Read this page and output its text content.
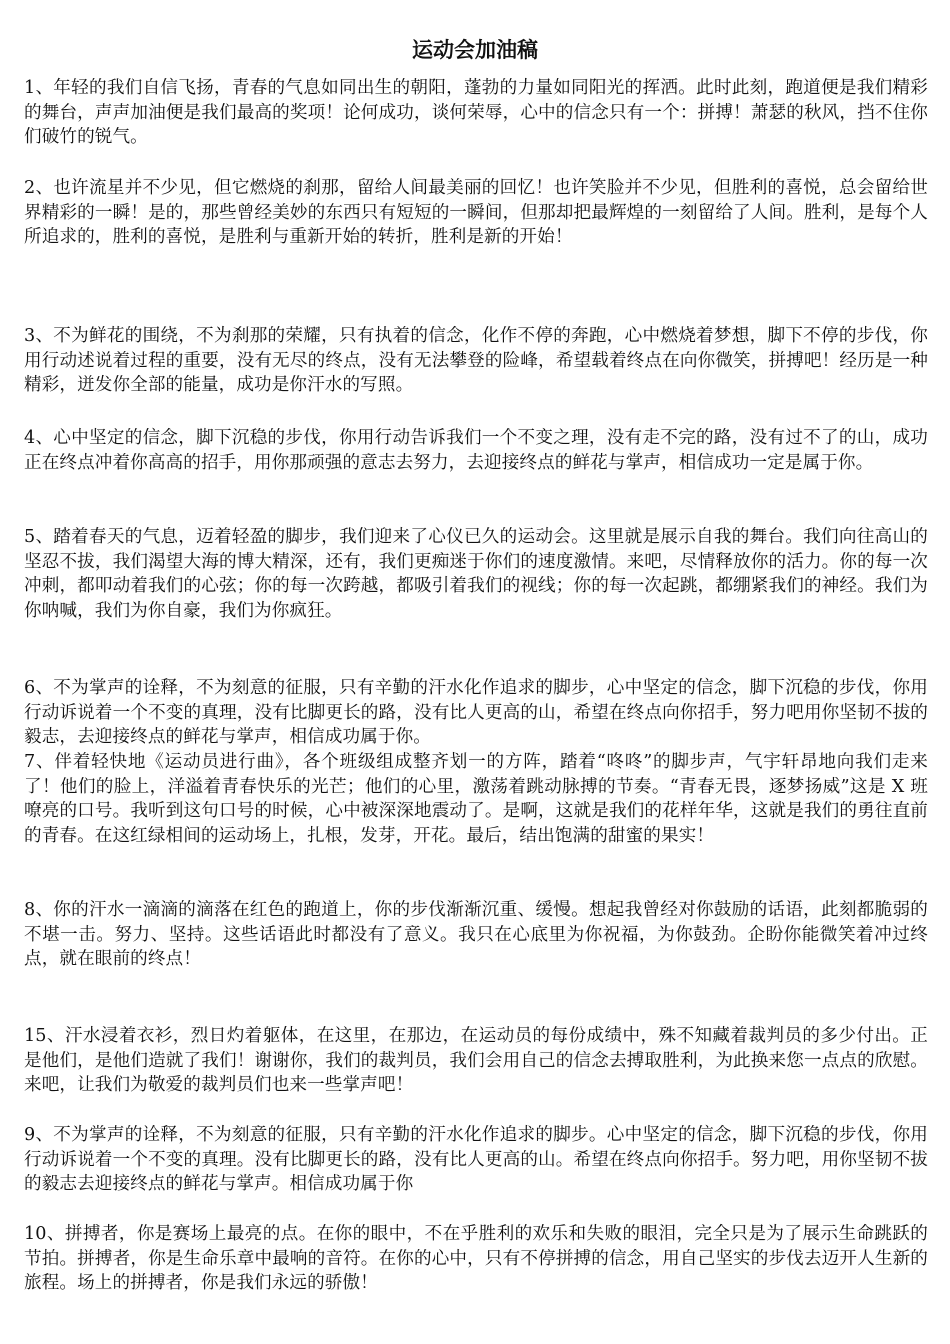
运动会加油稿

1、年轻的我们自信飞扬，青春的气息如同出生的朝阳，蓬勃的力量如同阳光的挥洒。此时此刻，跑道便是我们精彩的舞台，声声加油便是我们最高的奖项！论何成功，谈何荣辱，心中的信念只有一个：拼搏！萧瑟的秋风，挡不住你们破竹的锐气。

2、也许流星并不少见，但它燃烧的刹那，留给人间最美丽的回忆！也许笑脸并不少见，但胜利的喜悦，总会留给世界精彩的一瞬！是的，那些曾经美妙的东西只有短短的一瞬间，但那却把最辉煌的一刻留给了人间。胜利，是每个人所追求的，胜利的喜悦，是胜利与重新开始的转折，胜利是新的开始！

3、不为鲜花的围绕，不为刹那的荣耀，只有执着的信念，化作不停的奔跑，心中燃烧着梦想，脚下不停的步伐，你用行动述说着过程的重要，没有无尽的终点，没有无法攀登的险峰，希望载着终点在向你微笑，拼搏吧！经历是一种精彩，迸发你全部的能量，成功是你汗水的写照。

4、心中坚定的信念，脚下沉稳的步伐，你用行动告诉我们一个不变之理，没有走不完的路，没有过不了的山，成功正在终点冲着你高高的招手，用你那顽强的意志去努力，去迎接终点的鲜花与掌声，相信成功一定是属于你。

5、踏着春天的气息，迈着轻盈的脚步，我们迎来了心仪已久的运动会。这里就是展示自我的舞台。我们向往高山的坚忍不拔，我们渴望大海的博大精深，还有，我们更痴迷于你们的速度激情。来吧，尽情释放你的活力。你的每一次冲刺，都叩动着我们的心弦；你的每一次跨越，都吸引着我们的视线；你的每一次起跳，都绷紧我们的神经。我们为你呐喊，我们为你自豪，我们为你疯狂。

6、不为掌声的诠释，不为刻意的征服，只有辛勤的汗水化作追求的脚步，心中坚定的信念，脚下沉稳的步伐，你用行动诉说着一个不变的真理，没有比脚更长的路，没有比人更高的山，希望在终点向你招手，努力吧用你坚韧不拔的毅志，去迎接终点的鲜花与掌声，相信成功属于你。

7、伴着轻快地《运动员进行曲》，各个班级组成整齐划一的方阵，踏着“咚咚”的脚步声，气宇轩昂地向我们走来了！他们的脸上，洋溢着青春快乐的光芒；他们的心里，激荡着跳动脉搏的节奏。“青春无畏，逐梦扬威”这是 X 班嘹亮的口号。我听到这句口号的时候，心中被深深地震动了。是啊，这就是我们的花样年华，这就是我们的勇往直前的青春。在这红绿相间的运动场上，扎根，发芽，开花。最后，结出饱满的甜蜜的果实！

8、你的汗水一滴滴的滴落在红色的跑道上，你的步伐渐渐沉重、缓慢。想起我曾经对你鼓励的话语，此刻都脆弱的不堪一击。努力、坚持。这些话语此时都没有了意义。我只在心底里为你祝福，为你鼓劲。企盼你能微笑着冲过终点，就在眼前的终点！

15、汗水浸着衣衫，烈日灼着躯体，在这里，在那边，在运动员的每份成绩中，殊不知藏着裁判员的多少付出。正是他们，是他们造就了我们！谢谢你，我们的裁判员，我们会用自己的信念去搏取胜利，为此换来您一点点的欣慰。来吧，让我们为敬爱的裁判员们也来一些掌声吧！

9、不为掌声的诠释，不为刻意的征服，只有辛勤的汗水化作追求的脚步。心中坚定的信念，脚下沉稳的步伐，你用行动诉说着一个不变的真理。没有比脚更长的路，没有比人更高的山。希望在终点向你招手。努力吧，用你坚韧不拔的毅志去迎接终点的鲜花与掌声。相信成功属于你

10、拼搏者，你是赛场上最亮的点。在你的眼中，不在乎胜利的欢乐和失败的眼泪，完全只是为了展示生命跳跃的节拍。拼搏者，你是生命乐章中最响的音符。在你的心中，只有不停拼搏的信念，用自己坚实的步伐去迈开人生新的旅程。场上的拼搏者，你是我们永远的骄傲！
